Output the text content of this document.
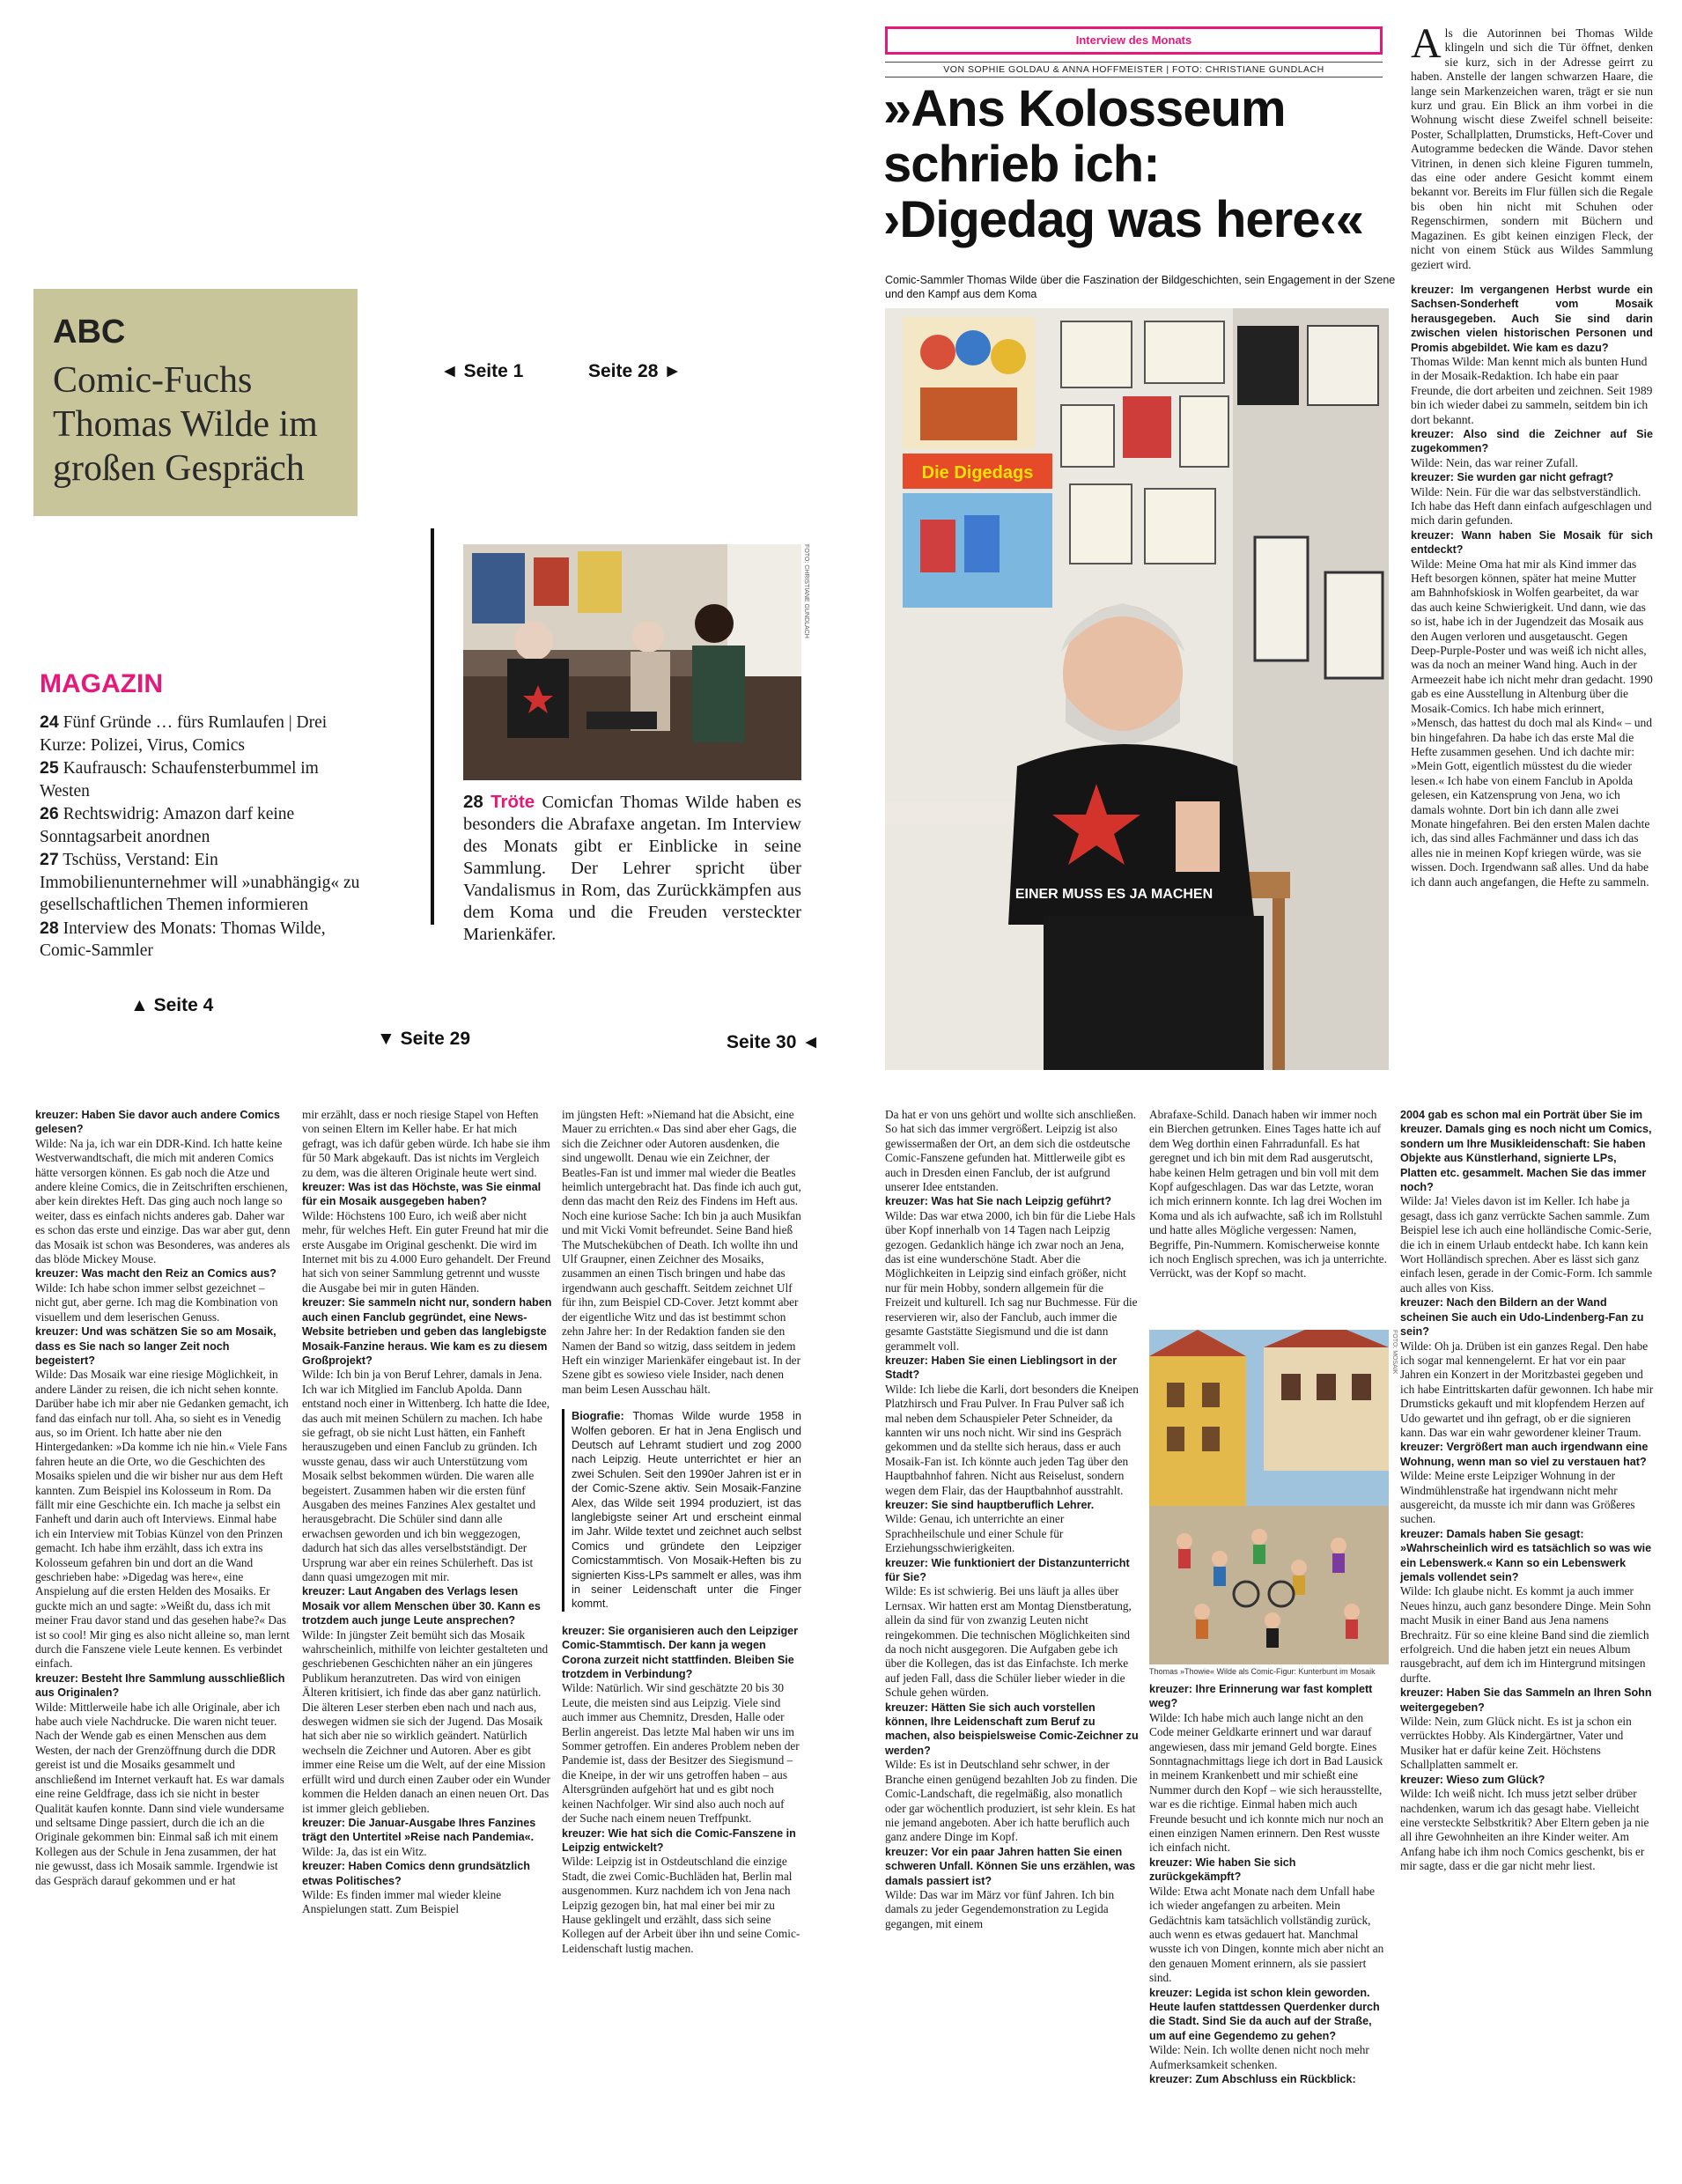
ABC
Comic-Fuchs Thomas Wilde im großen Gespräch
◄ Seite 1	Seite 28 ►
▲ Seite 4
▼ Seite 29	Seite 30 ◄
MAGAZIN
24 Fünf Gründe … fürs Rumlaufen | Drei Kurze: Polizei, Virus, Comics
25 Kaufrausch: Schaufensterbummel im Westen
26 Rechtswidrig: Amazon darf keine Sonntagsarbeit anordnen
27 Tschüss, Verstand: Ein Immobilienunternehmer will »unabhängig« zu gesellschaftlichen Themen informieren
28 Interview des Monats: Thomas Wilde, Comic-Sammler
FOTO: CHRISTIANE GUNDLACH
28 Tröte Comicfan Thomas Wilde haben es besonders die Abrafaxe angetan. Im Interview des Monats gibt er Einblicke in seine Sammlung. Der Lehrer spricht über Vandalismus in Rom, das Zurückkämpfen aus dem Koma und die Freuden versteckter Marienkäfer.
Interview des Monats
VON SOPHIE GOLDAU & ANNA HOFFMEISTER | FOTO: CHRISTIANE GUNDLACH
»Ans Kolosseum
schrieb ich:
›Digedag was here‹«
Comic-Sammler Thomas Wilde über die Faszination der Bildgeschichten, sein Engagement in der Szene und den Kampf aus dem Koma
Die Digedags
EINER MUSS ES JA MACHEN

Als die Autorinnen bei Thomas Wilde klingeln und sich die Tür öffnet, denken sie kurz, sich in der Adresse geirrt zu haben. Anstelle der langen schwarzen Haare, die lange sein Markenzeichen waren, trägt er sie nun kurz und grau. Ein Blick an ihm vorbei in die Wohnung wischt diese Zweifel schnell beiseite: Poster, Schallplatten, Drumsticks, Heft-Cover und Autogramme bedecken die Wände. Davor stehen Vitrinen, in denen sich kleine Figuren tummeln, das eine oder andere Gesicht kommt einem bekannt vor. Bereits im Flur füllen sich die Regale bis oben hin nicht mit Schuhen oder Regenschirmen, sondern mit Büchern und Magazinen. Es gibt keinen einzigen Fleck, der nicht von einem Stück aus Wildes Sammlung geziert wird.

kreuzer: Im vergangenen Herbst wurde ein Sachsen-Sonderheft vom Mosaik herausgegeben. Auch Sie sind darin zwischen vielen historischen Personen und Promis abgebildet. Wie kam es dazu?

Thomas Wilde: Man kennt mich als bunten Hund in der Mosaik-Redaktion. Ich habe ein paar Freunde, die dort arbeiten und zeichnen. Seit 1989 bin ich wieder dabei zu sammeln, seitdem bin ich dort bekannt.

kreuzer: Also sind die Zeichner auf Sie zugekommen?

Wilde: Nein, das war reiner Zufall.

kreuzer: Sie wurden gar nicht gefragt?

Wilde: Nein. Für die war das selbstverständlich. Ich habe das Heft dann einfach aufgeschlagen und mich darin gefunden.

kreuzer: Wann haben Sie Mosaik für sich entdeckt?

Wilde: Meine Oma hat mir als Kind immer das Heft besorgen können, später hat meine Mutter am Bahnhofskiosk in Wolfen gearbeitet, da war das auch keine Schwierigkeit. Und dann, wie das so ist, habe ich in der Jugendzeit das Mosaik aus den Augen verloren und ausgetauscht. Gegen Deep-Purple-Poster und was weiß ich nicht alles, was da noch an meiner Wand hing. Auch in der Armeezeit habe ich nicht mehr dran gedacht. 1990 gab es eine Ausstellung in Altenburg über die Mosaik-Comics. Ich habe mich erinnert, »Mensch, das hattest du doch mal als Kind« – und bin hingefahren. Da habe ich das erste Mal die Hefte zusammen gesehen. Und ich dachte mir: »Mein Gott, eigentlich müsstest du die wieder lesen.« Ich habe von einem Fanclub in Apolda gelesen, ein Katzensprung von Jena, wo ich damals wohnte. Dort bin ich dann alle zwei Monate hingefahren. Bei den ersten Malen dachte ich, das sind alles Fachmänner und dass ich das alles nie in meinen Kopf kriegen würde, was sie wissen. Doch. Irgendwann saß alles. Und da habe ich dann auch angefangen, die Hefte zu sammeln.

kreuzer: Haben Sie davor auch andere Comics gelesen?

Wilde: Na ja, ich war ein DDR-Kind. Ich hatte keine Westverwandtschaft, die mich mit anderen Comics hätte versorgen können. Es gab noch die Atze und andere kleine Comics, die in Zeitschriften erschienen, aber kein direktes Heft. Das ging auch noch lange so weiter, dass es einfach nichts anderes gab. Daher war es schon das erste und einzige. Das war aber gut, denn das Mosaik ist schon was Besonderes, was anderes als das blöde Mickey Mouse.

kreuzer: Was macht den Reiz an Comics aus?

Wilde: Ich habe schon immer selbst gezeichnet – nicht gut, aber gerne. Ich mag die Kombination von visuellem und dem leserischen Genuss.

kreuzer: Und was schätzen Sie so am Mosaik, dass es Sie nach so langer Zeit noch begeistert?

Wilde: Das Mosaik war eine riesige Möglichkeit, in andere Länder zu reisen, die ich nicht sehen konnte. Darüber habe ich mir aber nie Gedanken gemacht, ich fand das einfach nur toll. Aha, so sieht es in Venedig aus, so im Orient. Ich hatte aber nie den Hintergedanken: »Da komme ich nie hin.« Viele Fans fahren heute an die Orte, wo die Geschichten des Mosaiks spielen und die wir bisher nur aus dem Heft kannten. Zum Beispiel ins Kolosseum in Rom. Da fällt mir eine Geschichte ein. Ich mache ja selbst ein Fanheft und darin auch oft Interviews. Einmal habe ich ein Interview mit Tobias Künzel von den Prinzen gemacht. Ich habe ihm erzählt, dass ich extra ins Kolosseum gefahren bin und dort an die Wand geschrieben habe: »Digedag was here«, eine Anspielung auf die ersten Helden des Mosaiks. Er guckte mich an und sagte: »Weißt du, dass ich mit meiner Frau davor stand und das gesehen habe?« Das ist so cool! Mir ging es also nicht alleine so, man lernt durch die Fanszene viele Leute kennen. Es verbindet einfach.

kreuzer: Besteht Ihre Sammlung ausschließlich aus Originalen?

Wilde: Mittlerweile habe ich alle Originale, aber ich habe auch viele Nachdrucke. Die waren nicht teuer. Nach der Wende gab es einen Menschen aus dem Westen, der nach der Grenzöffnung durch die DDR gereist ist und die Mosaiks gesammelt und anschließend im Internet verkauft hat. Es war damals eine reine Geldfrage, dass ich sie nicht in bester Qualität kaufen konnte. Dann sind viele wundersame und seltsame Dinge passiert, durch die ich an die Originale gekommen bin: Einmal saß ich mit einem Kollegen aus der Schule in Jena zusammen, der hat nie gewusst, dass ich Mosaik sammle. Irgendwie ist das Gespräch darauf gekommen und er hat

mir erzählt, dass er noch riesige Stapel von Heften von seinen Eltern im Keller habe. Er hat mich gefragt, was ich dafür geben würde. Ich habe sie ihm für 50 Mark abgekauft. Das ist nichts im Vergleich zu dem, was die älteren Originale heute wert sind.

kreuzer: Was ist das Höchste, was Sie einmal für ein Mosaik ausgegeben haben?

Wilde: Höchstens 100 Euro, ich weiß aber nicht mehr, für welches Heft. Ein guter Freund hat mir die erste Ausgabe im Original geschenkt. Die wird im Internet mit bis zu 4.000 Euro gehandelt. Der Freund hat sich von seiner Sammlung getrennt und wusste die Ausgabe bei mir in guten Händen.

kreuzer: Sie sammeln nicht nur, sondern haben auch einen Fanclub gegründet, eine News-Website betrieben und geben das langlebigste Mosaik-Fanzine heraus. Wie kam es zu diesem Großprojekt?

Wilde: Ich bin ja von Beruf Lehrer, damals in Jena. Ich war ich Mitglied im Fanclub Apolda. Dann entstand noch einer in Wittenberg. Ich hatte die Idee, das auch mit meinen Schülern zu machen. Ich habe sie gefragt, ob sie nicht Lust hätten, ein Fanheft herauszugeben und einen Fanclub zu gründen. Ich wusste genau, dass wir auch Unterstützung vom Mosaik selbst bekommen würden. Die waren alle begeistert. Zusammen haben wir die ersten fünf Ausgaben des meines Fanzines Alex gestaltet und herausgebracht. Die Schüler sind dann alle erwachsen geworden und ich bin weggezogen, dadurch hat sich das alles verselbstständigt. Der Ursprung war aber ein reines Schülerheft. Das ist dann quasi umgezogen mit mir.

kreuzer: Laut Angaben des Verlags lesen Mosaik vor allem Menschen über 30. Kann es trotzdem auch junge Leute ansprechen?

Wilde: In jüngster Zeit bemüht sich das Mosaik wahrscheinlich, mithilfe von leichter gestalteten und geschriebenen Geschichten näher an ein jüngeres Publikum heranzutreten. Das wird von einigen Älteren kritisiert, ich finde das aber ganz natürlich. Die älteren Leser sterben eben nach und nach aus, deswegen widmen sie sich der Jugend. Das Mosaik hat sich aber nie so wirklich geändert. Natürlich wechseln die Zeichner und Autoren. Aber es gibt immer eine Reise um die Welt, auf der eine Mission erfüllt wird und durch einen Zauber oder ein Wunder kommen die Helden danach an einen neuen Ort. Das ist immer gleich geblieben.

kreuzer: Die Januar-Ausgabe Ihres Fanzines trägt den Untertitel »Reise nach Pandemia«.

Wilde: Ja, das ist ein Witz.

kreuzer: Haben Comics denn grundsätzlich etwas Politisches?

Wilde: Es finden immer mal wieder kleine Anspielungen statt. Zum Beispiel

im jüngsten Heft: »Niemand hat die Absicht, eine Mauer zu errichten.« Das sind aber eher Gags, die sich die Zeichner oder Autoren ausdenken, die sind ungewollt. Denau wie ein Zeichner, der Beatles-Fan ist und immer mal wieder die Beatles heimlich untergebracht hat. Das finde ich auch gut, denn das macht den Reiz des Findens im Heft aus. Noch eine kuriose Sache: Ich bin ja auch Musikfan und mit Vicki Vomit befreundet. Seine Band hieß The Mutschekübchen of Death. Ich wollte ihn und Ulf Graupner, einen Zeichner des Mosaiks, zusammen an einen Tisch bringen und habe das irgendwann auch geschafft. Seitdem zeichnet Ulf für ihn, zum Beispiel CD-Cover. Jetzt kommt aber der eigentliche Witz und das ist bestimmt schon zehn Jahre her: In der Redaktion fanden sie den Namen der Band so witzig, dass seitdem in jedem Heft ein winziger Marienkäfer eingebaut ist. In der Szene gibt es sowieso viele Insider, nach denen man beim Lesen Ausschau hält.

Biografie: Thomas Wilde wurde 1958 in Wolfen geboren. Er hat in Jena Englisch und Deutsch auf Lehramt studiert und zog 2000 nach Leipzig. Heute unterrichtet er hier an zwei Schulen. Seit den 1990er Jahren ist er in der Comic-Szene aktiv. Sein Mosaik-Fanzine Alex, das Wilde seit 1994 produziert, ist das langlebigste seiner Art und erscheint einmal im Jahr. Wilde textet und zeichnet auch selbst Comics und gründete den Leipziger Comicstammtisch. Von Mosaik-Heften bis zu signierten Kiss-LPs sammelt er alles, was ihm in seiner Leidenschaft unter die Finger kommt.

kreuzer: Sie organisieren auch den Leipziger Comic-Stammtisch. Der kann ja wegen Corona zurzeit nicht stattfinden. Bleiben Sie trotzdem in Verbindung?

Wilde: Natürlich. Wir sind geschätzte 20 bis 30 Leute, die meisten sind aus Leipzig. Viele sind auch immer aus Chemnitz, Dresden, Halle oder Berlin angereist. Das letzte Mal haben wir uns im Sommer getroffen. Ein anderes Problem neben der Pandemie ist, dass der Besitzer des Siegismund – die Kneipe, in der wir uns getroffen haben – aus Altersgründen aufgehört hat und es gibt noch keinen Nachfolger. Wir sind also auch noch auf der Suche nach einem neuen Treffpunkt.

kreuzer: Wie hat sich die Comic-Fanszene in Leipzig entwickelt?

Wilde: Leipzig ist in Ostdeutschland die einzige Stadt, die zwei Comic-Buchläden hat, Berlin mal ausgenommen. Kurz nachdem ich von Jena nach Leipzig gezogen bin, hat mal einer bei mir zu Hause geklingelt und erzählt, dass sich seine Kollegen auf der Arbeit über ihn und seine Comic-Leidenschaft lustig machen.

Da hat er von uns gehört und wollte sich anschließen. So hat sich das immer vergrößert. Leipzig ist also gewissermaßen der Ort, an dem sich die ostdeutsche Comic-Fanszene gefunden hat. Mittlerweile gibt es auch in Dresden einen Fanclub, der ist aufgrund unserer Idee entstanden.

kreuzer: Was hat Sie nach Leipzig geführt?

Wilde: Das war etwa 2000, ich bin für die Liebe Hals über Kopf innerhalb von 14 Tagen nach Leipzig gezogen. Gedanklich hänge ich zwar noch an Jena, das ist eine wunderschöne Stadt. Aber die Möglichkeiten in Leipzig sind einfach größer, nicht nur für mein Hobby, sondern allgemein für die Freizeit und kulturell. Ich sag nur Buchmesse. Für die reservieren wir, also der Fanclub, auch immer die gesamte Gaststätte Siegismund und die ist dann gerammelt voll.

kreuzer: Haben Sie einen Lieblingsort in der Stadt?

Wilde: Ich liebe die Karli, dort besonders die Kneipen Platzhirsch und Frau Pulver. In Frau Pulver saß ich mal neben dem Schauspieler Peter Schneider, da kannten wir uns noch nicht. Wir sind ins Gespräch gekommen und da stellte sich heraus, dass er auch Mosaik-Fan ist. Ich könnte auch jeden Tag über den Hauptbahnhof fahren. Nicht aus Reiselust, sondern wegen dem Flair, das der Hauptbahnhof ausstrahlt.

kreuzer: Sie sind hauptberuflich Lehrer.

Wilde: Genau, ich unterrichte an einer Sprachheilschule und einer Schule für Erziehungsschwierigkeiten.

kreuzer: Wie funktioniert der Distanzunterricht für Sie?

Wilde: Es ist schwierig. Bei uns läuft ja alles über Lernsax. Wir hatten erst am Montag Dienstberatung, allein da sind für von zwanzig Leuten nicht reingekommen. Die technischen Möglichkeiten sind da noch nicht ausgegoren. Die Aufgaben gebe ich über die Kollegen, das ist das Einfachste. Ich merke auf jeden Fall, dass die Schüler lieber wieder in die Schule gehen würden.

kreuzer: Hätten Sie sich auch vorstellen können, Ihre Leidenschaft zum Beruf zu machen, also beispielsweise Comic-Zeichner zu werden?

Wilde: Es ist in Deutschland sehr schwer, in der Branche einen genügend bezahlten Job zu finden. Die Comic-Landschaft, die regelmäßig, also monatlich oder gar wöchentlich produziert, ist sehr klein. Es hat nie jemand angeboten. Aber ich hatte beruflich auch ganz andere Dinge im Kopf.

kreuzer: Vor ein paar Jahren hatten Sie einen schweren Unfall. Können Sie uns erzählen, was damals passiert ist?

Wilde: Das war im März vor fünf Jahren. Ich bin damals zu jeder Gegendemonstration zu Legida gegangen, mit einem

Abrafaxe-Schild. Danach haben wir immer noch ein Bierchen getrunken. Eines Tages hatte ich auf dem Weg dorthin einen Fahrradunfall. Es hat geregnet und ich bin mit dem Rad ausgerutscht, habe keinen Helm getragen und bin voll mit dem Kopf aufgeschlagen. Das war das Letzte, woran ich mich erinnern konnte. Ich lag drei Wochen im Koma und als ich aufwachte, saß ich im Rollstuhl und hatte alles Mögliche vergessen: Namen, Begriffe, Pin-Nummern. Komischerweise konnte ich noch Englisch sprechen, was ich ja unterrichte. Verrückt, was der Kopf so macht.

Thomas »Thowie« Wilde als Comic-Figur: Kunterbunt im Mosaik
FOTO: MOSAIK

kreuzer: Ihre Erinnerung war fast komplett weg?

Wilde: Ich habe mich auch lange nicht an den Code meiner Geldkarte erinnert und war darauf angewiesen, dass mir jemand Geld borgte. Eines Sonntagnachmittags liege ich dort in Bad Lausick in meinem Krankenbett und mir schießt eine Nummer durch den Kopf – wie sich herausstellte, war es die richtige. Einmal haben mich auch Freunde besucht und ich konnte mich nur noch an einen einzigen Namen erinnern. Den Rest wusste ich einfach nicht.

kreuzer: Wie haben Sie sich zurückgekämpft?

Wilde: Etwa acht Monate nach dem Unfall habe ich wieder angefangen zu arbeiten. Mein Gedächtnis kam tatsächlich vollständig zurück, auch wenn es etwas gedauert hat. Manchmal wusste ich von Dingen, konnte mich aber nicht an den genauen Moment erinnern, als sie passiert sind.

kreuzer: Legida ist schon klein geworden. Heute laufen stattdessen Querdenker durch die Stadt. Sind Sie da auch auf der Straße, um auf eine Gegendemo zu gehen?

Wilde: Nein. Ich wollte denen nicht noch mehr Aufmerksamkeit schenken.

kreuzer: Zum Abschluss ein Rückblick:

2004 gab es schon mal ein Porträt über Sie im kreuzer. Damals ging es noch nicht um Comics, sondern um Ihre Musikleidenschaft: Sie haben Objekte aus Künstlerhand, signierte LPs, Platten etc. gesammelt. Machen Sie das immer noch?

Wilde: Ja! Vieles davon ist im Keller. Ich habe ja gesagt, dass ich ganz verrückte Sachen sammle. Zum Beispiel lese ich auch eine holländische Comic-Serie, die ich in einem Urlaub entdeckt habe. Ich kann kein Wort Holländisch sprechen. Aber es lässt sich ganz einfach lesen, gerade in der Comic-Form. Ich sammle auch alles von Kiss.

kreuzer: Nach den Bildern an der Wand scheinen Sie auch ein Udo-Lindenberg-Fan zu sein?

Wilde: Oh ja. Drüben ist ein ganzes Regal. Den habe ich sogar mal kennengelernt. Er hat vor ein paar Jahren ein Konzert in der Moritzbastei gegeben und ich habe Eintrittskarten dafür gewonnen. Ich habe mir Drumsticks gekauft und mit klopfendem Herzen auf Udo gewartet und ihn gefragt, ob er die signieren kann. Das war ein wahr gewordener kleiner Traum.

kreuzer: Vergrößert man auch irgendwann eine Wohnung, wenn man so viel zu verstauen hat?

Wilde: Meine erste Leipziger Wohnung in der Windmühlenstraße hat irgendwann nicht mehr ausgereicht, da musste ich mir dann was Größeres suchen.

kreuzer: Damals haben Sie gesagt: »Wahrscheinlich wird es tatsächlich so was wie ein Lebenswerk.« Kann so ein Lebenswerk jemals vollendet sein?

Wilde: Ich glaube nicht. Es kommt ja auch immer Neues hinzu, auch ganz besondere Dinge. Mein Sohn macht Musik in einer Band aus Jena namens Brechraitz. Für so eine kleine Band sind die ziemlich erfolgreich. Und die haben jetzt ein neues Album rausgebracht, auf dem ich im Hintergrund mitsingen durfte.

kreuzer: Haben Sie das Sammeln an Ihren Sohn weitergegeben?

Wilde: Nein, zum Glück nicht. Es ist ja schon ein verrücktes Hobby. Als Kindergärtner, Vater und Musiker hat er dafür keine Zeit. Höchstens Schallplatten sammelt er.

kreuzer: Wieso zum Glück?

Wilde: Ich weiß nicht. Ich muss jetzt selber drüber nachdenken, warum ich das gesagt habe. Vielleicht eine versteckte Selbstkritik? Aber Eltern geben ja nie all ihre Gewohnheiten an ihre Kinder weiter. Am Anfang habe ich ihm noch Comics geschenkt, bis er mir sagte, dass er die gar nicht mehr liest.
